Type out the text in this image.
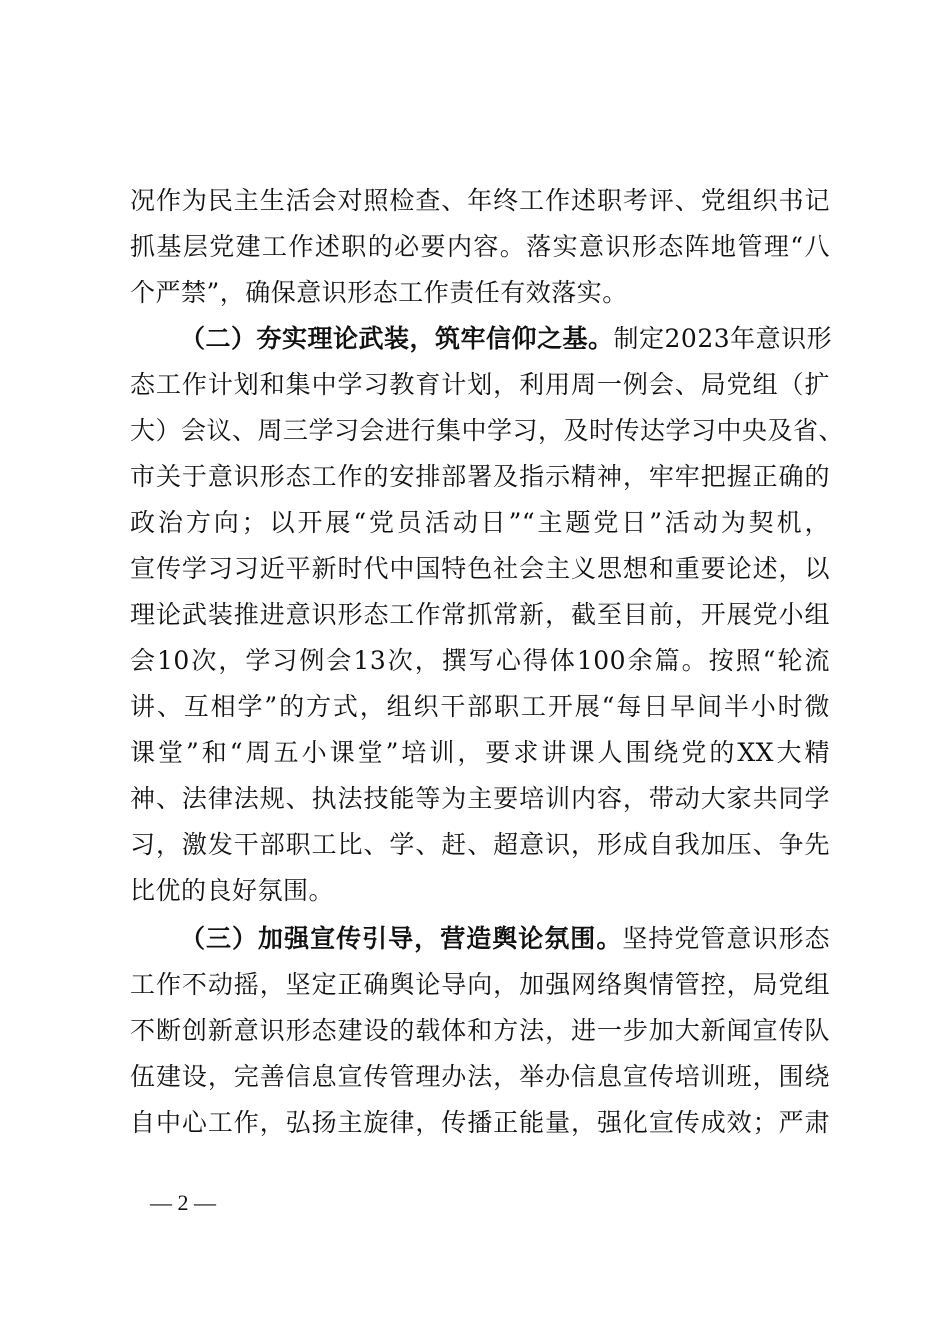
况作为民主生活会对照检查、年终工作述职考评、党组织书记
抓基层党建工作述职的必要内容。落实意识形态阵地管理“八
个严禁”，确保意识形态工作责任有效落实。
（二）夯实理论武装，筑牢信仰之基。制定2023年意识形
态工作计划和集中学习教育计划，利用周一例会、局党组（扩
大）会议、周三学习会进行集中学习，及时传达学习中央及省、
市关于意识形态工作的安排部署及指示精神，牢牢把握正确的
政治方向；以开展“党员活动日”“主题党日”活动为契机，
宣传学习习近平新时代中国特色社会主义思想和重要论述，以
理论武装推进意识形态工作常抓常新，截至目前，开展党小组
会10次，学习例会13次，撰写心得体100余篇。按照“轮流
讲、互相学”的方式，组织干部职工开展“每日早间半小时微
课堂”和“周五小课堂”培训，要求讲课人围绕党的XX大精
神、法律法规、执法技能等为主要培训内容，带动大家共同学
习，激发干部职工比、学、赶、超意识，形成自我加压、争先
比优的良好氛围。
（三）加强宣传引导，营造舆论氛围。坚持党管意识形态
工作不动摇，坚定正确舆论导向，加强网络舆情管控，局党组
不断创新意识形态建设的载体和方法，进一步加大新闻宣传队
伍建设，完善信息宣传管理办法，举办信息宣传培训班，围绕
自中心工作，弘扬主旋律，传播正能量，强化宣传成效；严肃
— 2 —
